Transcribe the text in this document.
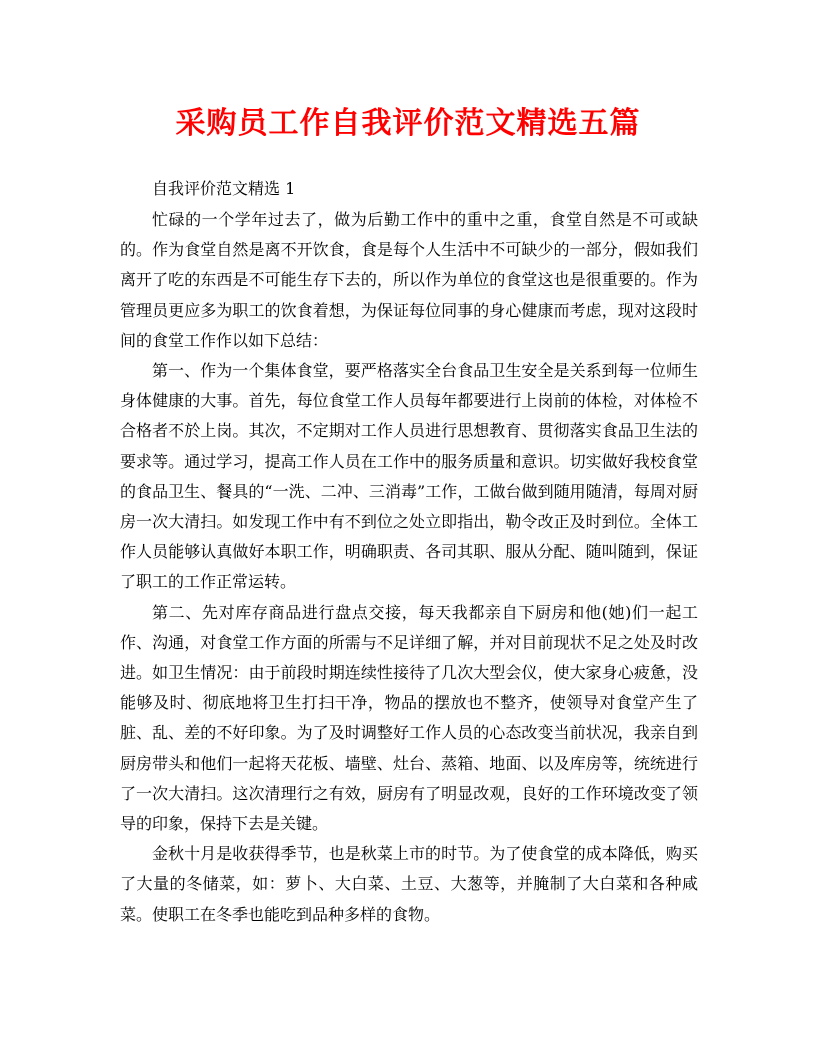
采购员工作自我评价范文精选五篇

自我评价范文精选 1

忙碌的一个学年过去了，做为后勤工作中的重中之重，食堂自然是不可或缺的。作为食堂自然是离不开饮食，食是每个人生活中不可缺少的一部分，假如我们离开了吃的东西是不可能生存下去的，所以作为单位的食堂这也是很重要的。作为管理员更应多为职工的饮食着想，为保证每位同事的身心健康而考虑，现对这段时间的食堂工作作以如下总结：

第一、作为一个集体食堂，要严格落实全台食品卫生安全是关系到每一位师生身体健康的大事。首先，每位食堂工作人员每年都要进行上岗前的体检，对体检不合格者不於上岗。其次，不定期对工作人员进行思想教育、贯彻落实食品卫生法的要求等。通过学习，提高工作人员在工作中的服务质量和意识。切实做好我校食堂的食品卫生、餐具的“一洗、二冲、三消毒”工作，工做台做到随用随清，每周对厨房一次大清扫。如发现工作中有不到位之处立即指出，勒令改正及时到位。全体工作人员能够认真做好本职工作，明确职责、各司其职、服从分配、随叫随到，保证了职工的工作正常运转。

第二、先对库存商品进行盘点交接，每天我都亲自下厨房和他(她)们一起工作、沟通，对食堂工作方面的所需与不足详细了解，并对目前现状不足之处及时改进。如卫生情况：由于前段时期连续性接待了几次大型会仪，使大家身心疲惫，没能够及时、彻底地将卫生打扫干净，物品的摆放也不整齐，使领导对食堂产生了脏、乱、差的不好印象。为了及时调整好工作人员的心态改变当前状况，我亲自到厨房带头和他们一起将天花板、墙壁、灶台、蒸箱、地面、以及库房等，统统进行了一次大清扫。这次清理行之有效，厨房有了明显改观，良好的工作环境改变了领导的印象，保持下去是关键。

金秋十月是收获得季节，也是秋菜上市的时节。为了使食堂的成本降低，购买了大量的冬储菜，如：萝卜、大白菜、土豆、大葱等，并腌制了大白菜和各种咸菜。使职工在冬季也能吃到品种多样的食物。
